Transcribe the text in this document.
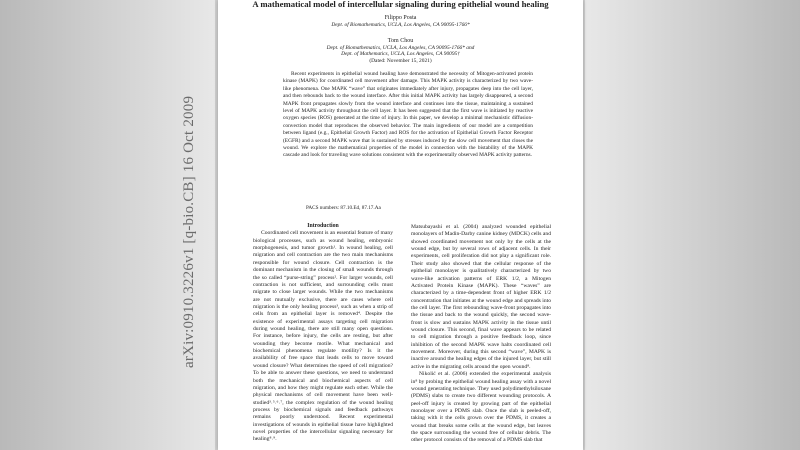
A mathematical model of intercellular signaling during epithelial wound healing
Filippo Posta
Dept. of Biomathematics, UCLA, Los Angeles, CA 90095-1766*
Tom Chou
Dept. of Biomathematics, UCLA, Los Angeles, CA 90095-1766* and
Dept. of Mathematics, UCLA, Los Angeles, CA 90095†
(Dated: November 15, 2021)
Recent experiments in epithelial wound healing have demonstrated the necessity of Mitogen-activated protein kinase (MAPK) for coordinated cell movement after damage. This MAPK activity is characterized by two wave-like phenomena. One MAPK “wave” that originates immediately after injury, propagates deep into the cell layer, and then rebounds back to the wound interface. After this initial MAPK activity has largely disappeared, a second MAPK front propagates slowly from the wound interface and continues into the tissue, maintaining a sustained level of MAPK activity throughout the cell layer. It has been suggested that the first wave is initiated by reactive oxygen species (ROS) generated at the time of injury. In this paper, we develop a minimal mechanistic diffusion-convection model that reproduces the observed behavior. The main ingredients of our model are a competition between ligand (e.g., Epithelial Growth Factor) and ROS for the activation of Epithelial Growth Factor Receptor (EGFR) and a second MAPK wave that is sustained by stresses induced by the slow cell movement that closes the wound. We explore the mathematical properties of the model in connection with the bistability of the MAPK cascade and look for traveling wave solutions consistent with the experimentally observed MAPK activity patterns.
PACS numbers: 87.10.Ed, 87.17.Aa

Introduction

Coordinated cell movement is an essential feature of many biological processes, such as wound healing, embryonic morphogenesis, and tumor growth¹. In wound healing, cell migration and cell contraction are the two main mechanisms responsible for wound closure. Cell contraction is the dominant mechanism in the closing of small wounds through the so called “purse-string” process². For larger wounds, cell contraction is not sufficient, and surrounding cells must migrate to close larger wounds. While the two mechanisms are not mutually exclusive, there are cases where cell migration is the only healing process³, such as when a strip of cells from an epithelial layer is removed⁴. Despite the existence of experimental assays targeting cell migration during wound healing, there are still many open questions. For instance, before injury, the cells are resting, but after wounding they become motile. What mechanical and biochemical phenomena regulate motility? Is it the availability of free space that leads cells to move toward wound closure? What determines the speed of cell migration? To be able to answer these questions, we need to understand both the mechanical and biochemical aspects of cell migration, and how they might regulate each other. While the physical mechanisms of cell movement have been well-studied³˒⁵˒⁶˒⁷, the complex regulation of the wound healing process by biochemical signals and feedback pathways remains poorly understood. Recent experimental investigations of wounds in epithelial tissue have highlighted novel properties of the intercellular signaling necessary for healing⁸˒⁹.

Matsubayashi et al. (2004) analyzed wounded epithelial monolayers of Madin-Darby canine kidney (MDCK) cells and showed coordinated movement not only by the cells at the wound edge, but by several rows of adjacent cells. In their experiments, cell proliferation did not play a significant role. Their study also showed that the cellular response of the epithelial monolayer is qualitatively characterized by two wave-like activation patterns of ERK 1/2, a Mitogen Activated Protein Kinase (MAPK). These “waves” are characterized by a time-dependent front of higher ERK 1/2 concentration that initiates at the wound edge and spreads into the cell layer. The first rebounding wave-front propagates into the tissue and back to the wound quickly, the second wave-front is slow and sustains MAPK activity in the tissue until wound closure. This second, final wave appears to be related to cell migration through a positive feedback loop, since inhibition of the second MAPK wave halts coordinated cell movement. Moreover, during this second “wave”, MAPK is inactive around the healing edges of the injured layer, but still active in the migrating cells around the open wound⁸.

Nikolić et al. (2006) extended the experimental analysis in⁸ by probing the epithelial wound healing assay with a novel wound generating technique. They used polydimethylsiloxane (PDMS) slabs to create two different wounding protocols. A peel-off injury is created by growing part of the epithelial monolayer over a PDMS slab. Once the slab is peeled-off, taking with it the cells grown over the PDMS, it creates a wound that breaks some cells at the wound edge, but leaves the space surrounding the wound free of cellular debris. The other protocol consists of the removal of a PDMS slab that

arXiv:0910.3226v1 [q-bio.CB] 16 Oct 2009
